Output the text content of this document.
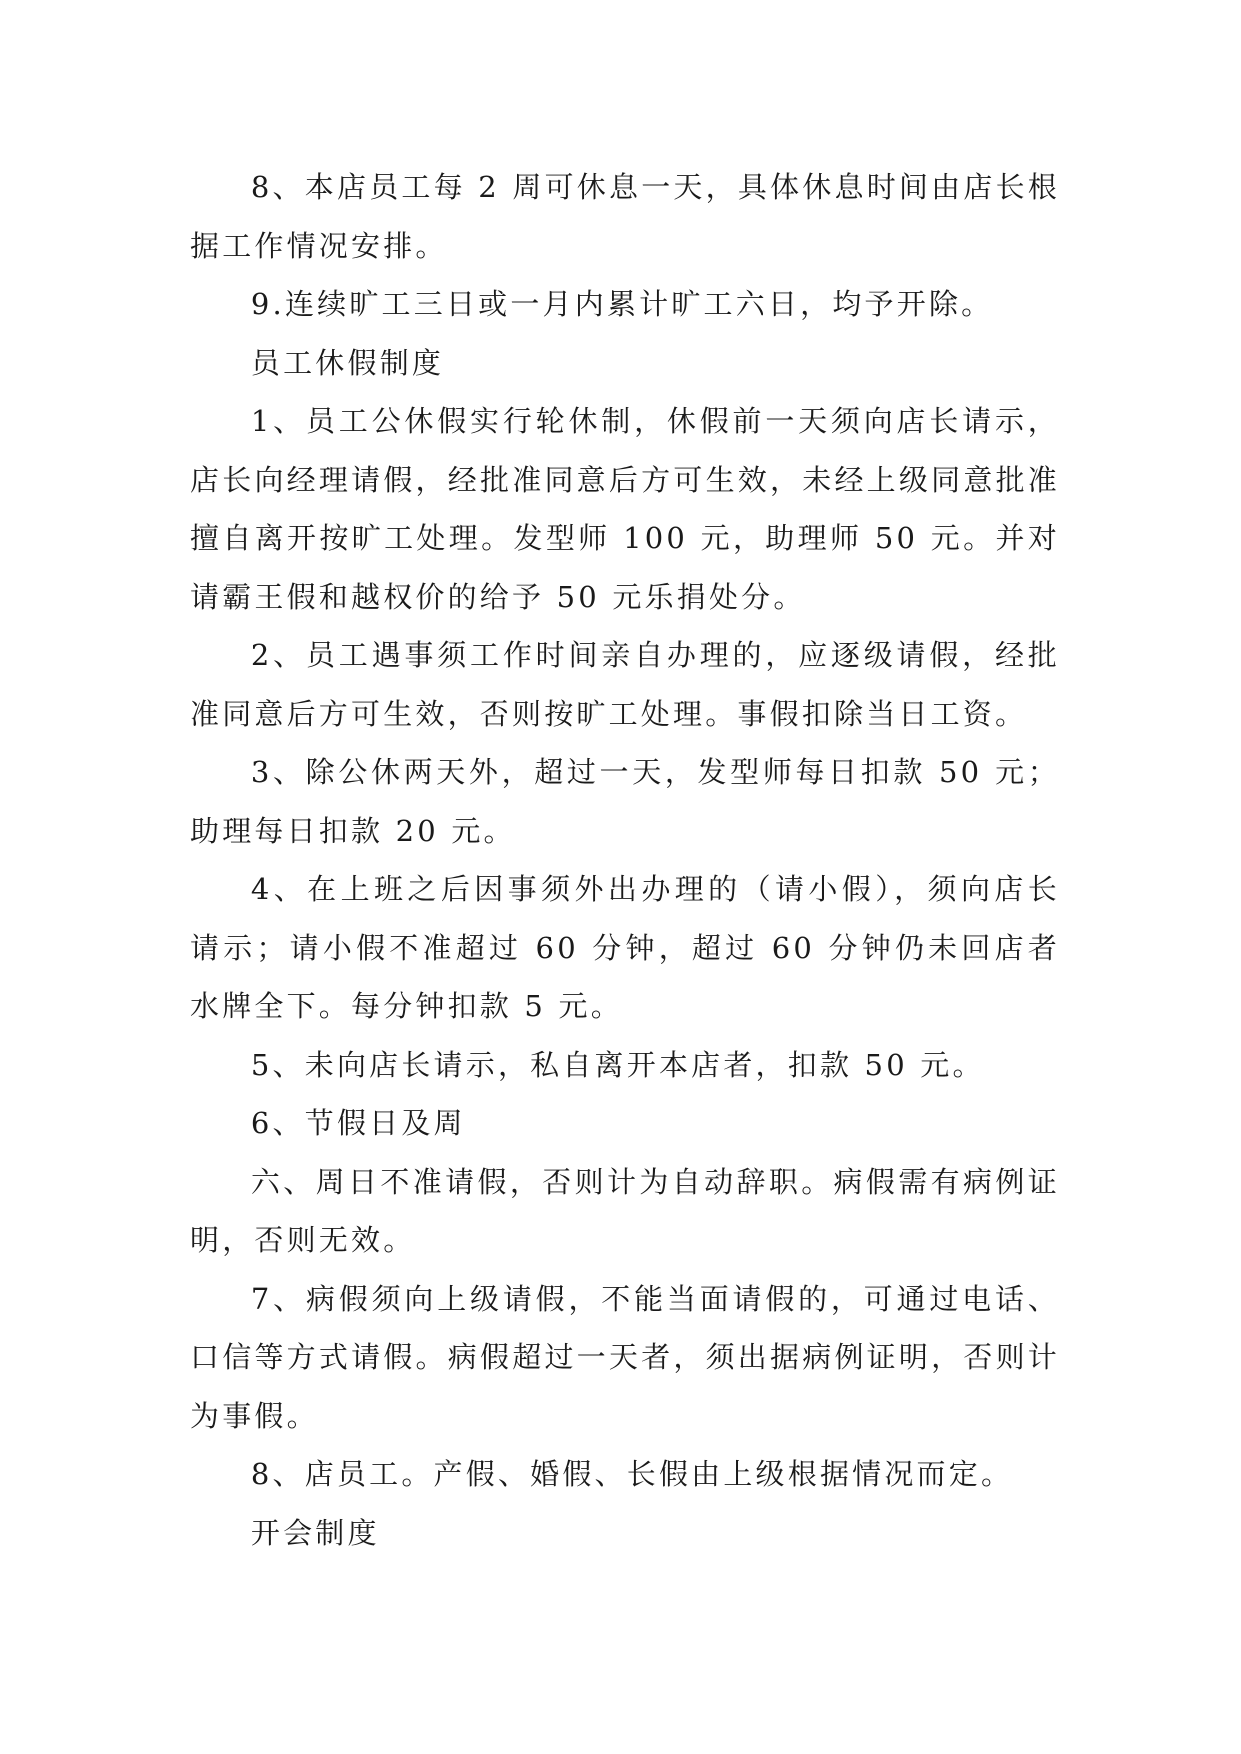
8、本店员工每 2 周可休息一天，具体休息时间由店长根据工作情况安排。

9.连续旷工三日或一月内累计旷工六日，均予开除。

员工休假制度

1、员工公休假实行轮休制，休假前一天须向店长请示，店长向经理请假，经批准同意后方可生效，未经上级同意批准擅自离开按旷工处理。发型师 100 元，助理师 50 元。并对请霸王假和越权价的给予 50 元乐捐处分。

2、员工遇事须工作时间亲自办理的，应逐级请假，经批准同意后方可生效，否则按旷工处理。事假扣除当日工资。

3、除公休两天外，超过一天，发型师每日扣款 50 元；助理每日扣款 20 元。

4、在上班之后因事须外出办理的（请小假），须向店长请示；请小假不准超过 60 分钟，超过 60 分钟仍未回店者水牌全下。每分钟扣款 5 元。

5、未向店长请示，私自离开本店者，扣款 50 元。

6、节假日及周

六、周日不准请假，否则计为自动辞职。病假需有病例证明，否则无效。

7、病假须向上级请假，不能当面请假的，可通过电话、口信等方式请假。病假超过一天者，须出据病例证明，否则计为事假。

8、店员工。产假、婚假、长假由上级根据情况而定。

开会制度
